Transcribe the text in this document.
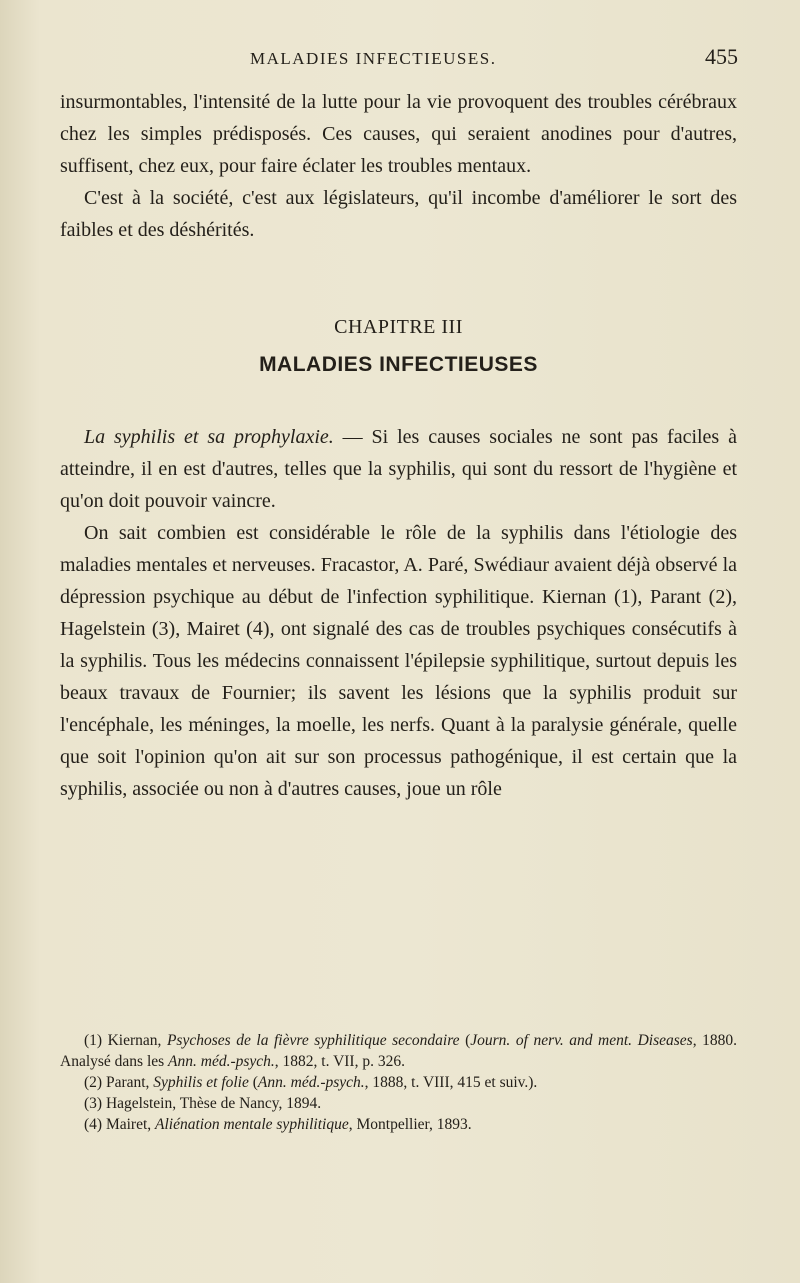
MALADIES INFECTIEUSES.	455

insurmontables, l'intensité de la lutte pour la vie provoquent des troubles cérébraux chez les simples prédisposés. Ces causes, qui seraient anodines pour d'autres, suffisent, chez eux, pour faire éclater les troubles mentaux.

C'est à la société, c'est aux législateurs, qu'il incombe d'améliorer le sort des faibles et des déshérités.

CHAPITRE III
MALADIES INFECTIEUSES

La syphilis et sa prophylaxie. — Si les causes sociales ne sont pas faciles à atteindre, il en est d'autres, telles que la syphilis, qui sont du ressort de l'hygiène et qu'on doit pouvoir vaincre.

On sait combien est considérable le rôle de la syphilis dans l'étiologie des maladies mentales et nerveuses. Fracastor, A. Paré, Swédiaur avaient déjà observé la dépression psychique au début de l'infection syphilitique. Kiernan (1), Parant (2), Hagelstein (3), Mairet (4), ont signalé des cas de troubles psychiques consécutifs à la syphilis. Tous les médecins connaissent l'épilepsie syphilitique, surtout depuis les beaux travaux de Fournier; ils savent les lésions que la syphilis produit sur l'encéphale, les méninges, la moelle, les nerfs. Quant à la paralysie générale, quelle que soit l'opinion qu'on ait sur son processus pathogénique, il est certain que la syphilis, associée ou non à d'autres causes, joue un rôle

(1) Kiernan, Psychoses de la fièvre syphilitique secondaire (Journ. of nerv. and ment. Diseases, 1880. Analysé dans les Ann. méd.-psych., 1882, t. VII, p. 326.

(2) Parant, Syphilis et folie (Ann. méd.-psych., 1888, t. VIII, 415 et suiv.).

(3) Hagelstein, Thèse de Nancy, 1894.

(4) Mairet, Aliénation mentale syphilitique, Montpellier, 1893.
